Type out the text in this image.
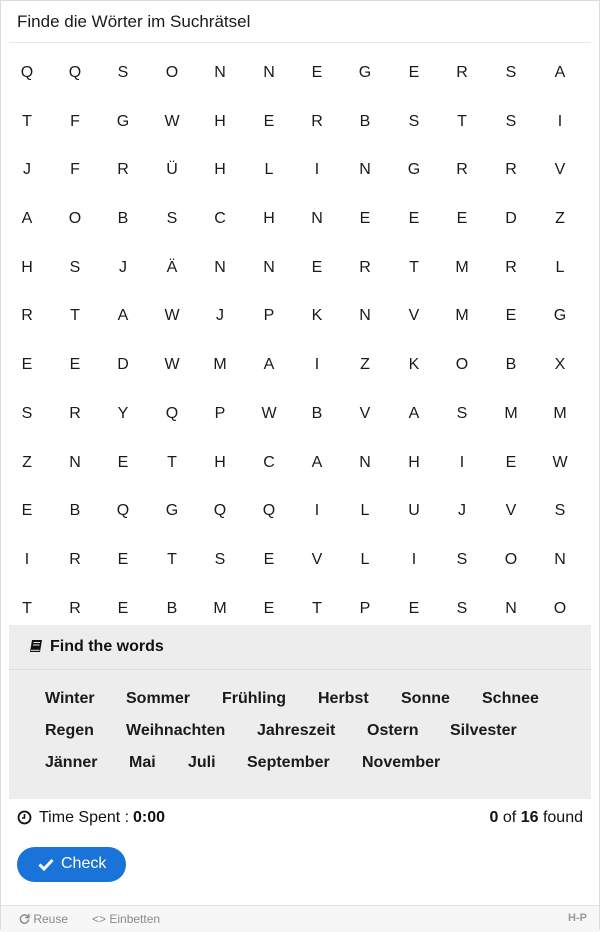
Finde die Wörter im Suchrätsel
Q	Q	S	O	N	N	E	G	E	R	S	A
T	F	G	W	H	E	R	B	S	T	S	I
J	F	R	Ü	H	L	I	N	G	R	R	V
A	O	B	S	C	H	N	E	E	E	D	Z
H	S	J	Ä	N	N	E	R	T	M	R	L
R	T	A	W	J	P	K	N	V	M	E	G
E	E	D	W	M	A	I	Z	K	O	B	X
S	R	Y	Q	P	W	B	V	A	S	M	M
Z	N	E	T	H	C	A	N	H	I	E	W
E	B	Q	G	Q	Q	I	L	U	J	V	S
I	R	E	T	S	E	V	L	I	S	O	N
T	R	E	B	M	E	T	P	E	S	N	O
Find the words
Winter Sommer Frühling Herbst Sonne Schnee
Regen Weihnachten Jahreszeit Ostern Silvester
Jänner Mai Juli September November
Time Spent : 0:00	0 of 16 found
Check
Reuse <> Einbetten	H-P
